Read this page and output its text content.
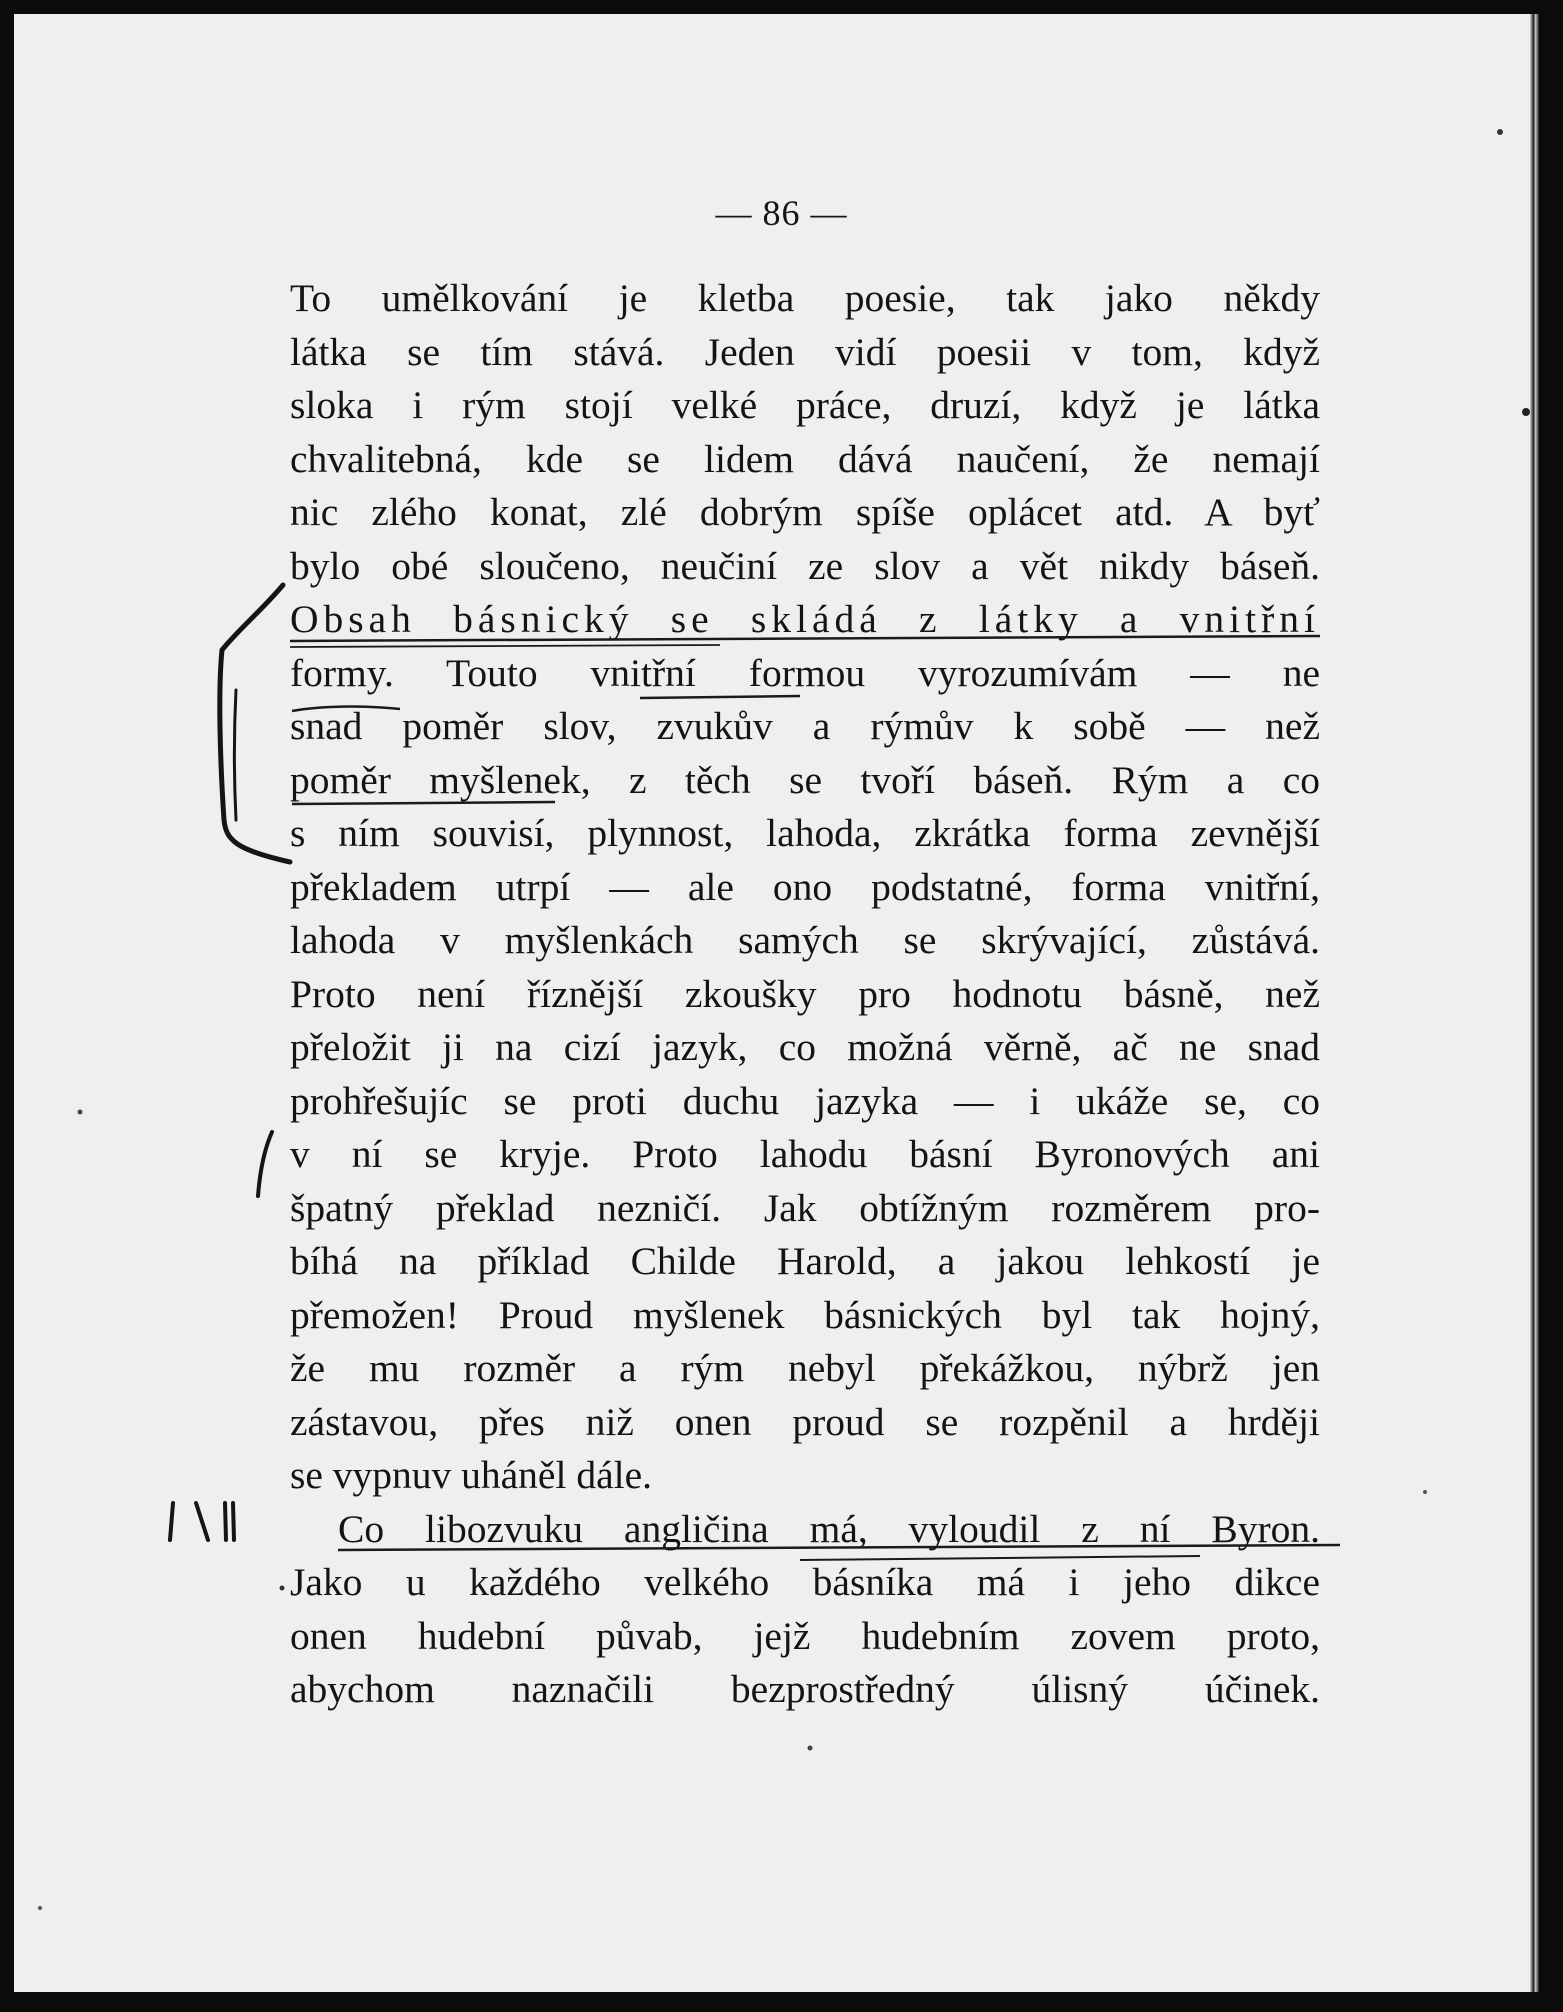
— 86 —
To umělkování je kletba poesie, tak jako někdy
látka se tím stává. Jeden vidí poesii v tom, když
sloka i rým stojí velké práce, druzí, když je látka
chvalitebná, kde se lidem dává naučení, že nemají
nic zlého konat, zlé dobrým spíše oplácet atd. A byť
bylo obé sloučeno, neučiní ze slov a vět nikdy báseň.
Obsah básnický se skládá z látky a vnitřní
formy. Touto vnitřní formou vyrozumívám — ne
snad poměr slov, zvukův a rýmův k sobě — než
poměr myšlenek, z těch se tvoří báseň. Rým a co
s ním souvisí, plynnost, lahoda, zkrátka forma zevnější
překladem utrpí — ale ono podstatné, forma vnitřní,
lahoda v myšlenkách samých se skrývající, zůstává.
Proto není říznější zkoušky pro hodnotu básně, než
přeložit ji na cizí jazyk, co možná věrně, ač ne snad
prohřešujíc se proti duchu jazyka — i ukáže se, co
v ní se kryje. Proto lahodu básní Byronových ani
špatný překlad nezničí. Jak obtížným rozměrem pro-
bíhá na příklad Childe Harold, a jakou lehkostí je
přemožen! Proud myšlenek básnických byl tak hojný,
že mu rozměr a rým nebyl překážkou, nýbrž jen
zástavou, přes niž onen proud se rozpěnil a hrději
se vypnuv uháněl dále.
Co libozvuku angličina má, vyloudil z ní Byron.
Jako u každého velkého básníka má i jeho dikce
onen hudební půvab, jejž hudebním zovem proto,
abychom naznačili bezprostředný úlisný účinek.
